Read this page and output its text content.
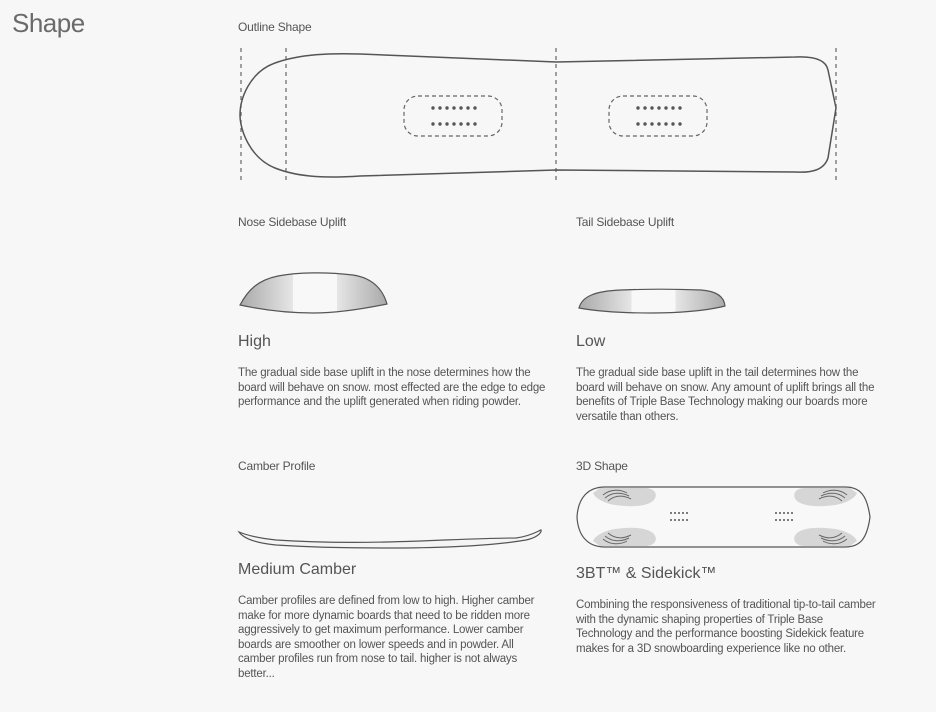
Shape	Outline Shape
Nose Sidebase Uplift
High
The gradual side base uplift in the nose determines how the board will behave on snow. most effected are the edge to edge performance and the uplift generated when riding powder.
Tail Sidebase Uplift
Low
The gradual side base uplift in the tail determines how the board will behave on snow. Any amount of uplift brings all the benefits of Triple Base Technology making our boards more versatile than others.
Camber Profile
Medium Camber
Camber profiles are defined from low to high. Higher camber make for more dynamic boards that need to be ridden more aggressively to get maximum performance. Lower camber boards are smoother on lower speeds and in powder. All camber profiles run from nose to tail. higher is not always better...
3D Shape
3BT™ & Sidekick™
Combining the responsiveness of traditional tip-to-tail camber with the dynamic shaping properties of Triple Base Technology and the performance boosting Sidekick feature makes for a 3D snowboarding experience like no other.
